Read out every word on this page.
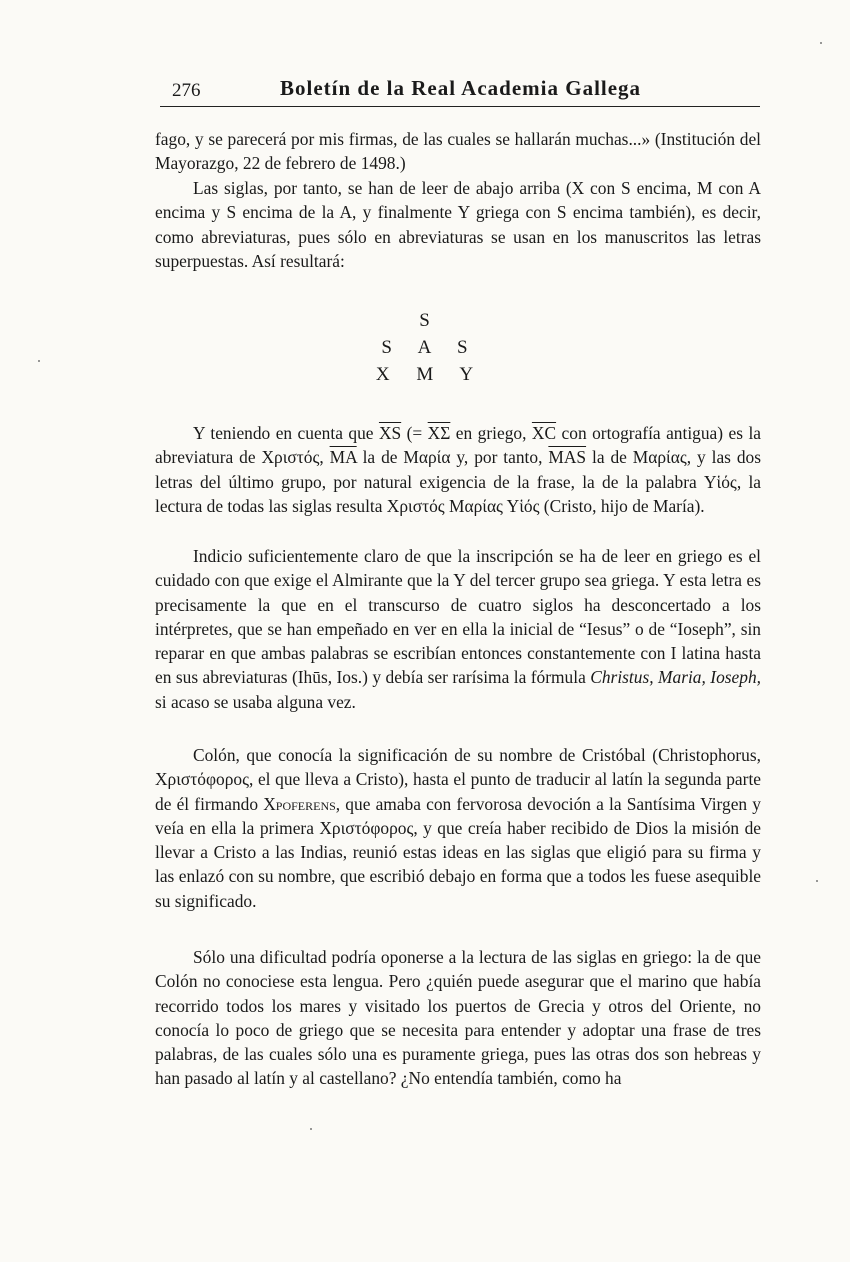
276	Boletín de la Real Academia Gallega

fago, y se parecerá por mis firmas, de las cuales se hallarán muchas...» (Institución del Mayorazgo, 22 de febrero de 1498.)

Las siglas, por tanto, se han de leer de abajo arriba (X con S encima, M con A encima y S encima de la A, y finalmente Y griega con S encima también), es decir, como abreviaturas, pues sólo en abreviaturas se usan en los manuscritos las letras superpuestas. Así resultará:

S
S A S
X M Y

Y teniendo en cuenta que $\overline{XS}$ (= $\overline{X\Sigma}$ en griego, $\overline{XC}$ con ortografía antigua) es la abreviatura de Χριστός, $\overline{MA}$ la de Μαρία y, por tanto, $\overline{MAS}$ la de Μαρίας, y las dos letras del último grupo, por natural exigencia de la frase, la de la palabra Υἱός, la lectura de todas las siglas resulta Χριστός Μαρίας Υἱός (Cristo, hijo de María).

Indicio suficientemente claro de que la inscripción se ha de leer en griego es el cuidado con que exige el Almirante que la Y del tercer grupo sea griega. Y esta letra es precisamente la que en el transcurso de cuatro siglos ha desconcertado a los intérpretes, que se han empeñado en ver en ella la inicial de “Iesus” o de “Ioseph”, sin reparar en que ambas palabras se escribían entonces constantemente con I latina hasta en sus abreviaturas (Ihūs, Ios.) y debía ser rarísima la fórmula Christus, Maria, Ioseph, si acaso se usaba alguna vez.

Colón, que conocía la significación de su nombre de Cristóbal (Christophorus, Χριστόφορος, el que lleva a Cristo), hasta el punto de traducir al latín la segunda parte de él firmando Xpoferens, que amaba con fervorosa devoción a la Santísima Virgen y veía en ella la primera Χριστόφορος, y que creía haber recibido de Dios la misión de llevar a Cristo a las Indias, reunió estas ideas en las siglas que eligió para su firma y las enlazó con su nombre, que escribió debajo en forma que a todos les fuese asequible su significado.

Sólo una dificultad podría oponerse a la lectura de las siglas en griego: la de que Colón no conociese esta lengua. Pero ¿quién puede asegurar que el marino que había recorrido todos los mares y visitado los puertos de Grecia y otros del Oriente, no conocía lo poco de griego que se necesita para entender y adoptar una frase de tres palabras, de las cuales sólo una es puramente griega, pues las otras dos son hebreas y han pasado al latín y al castellano? ¿No entendía también, como ha
